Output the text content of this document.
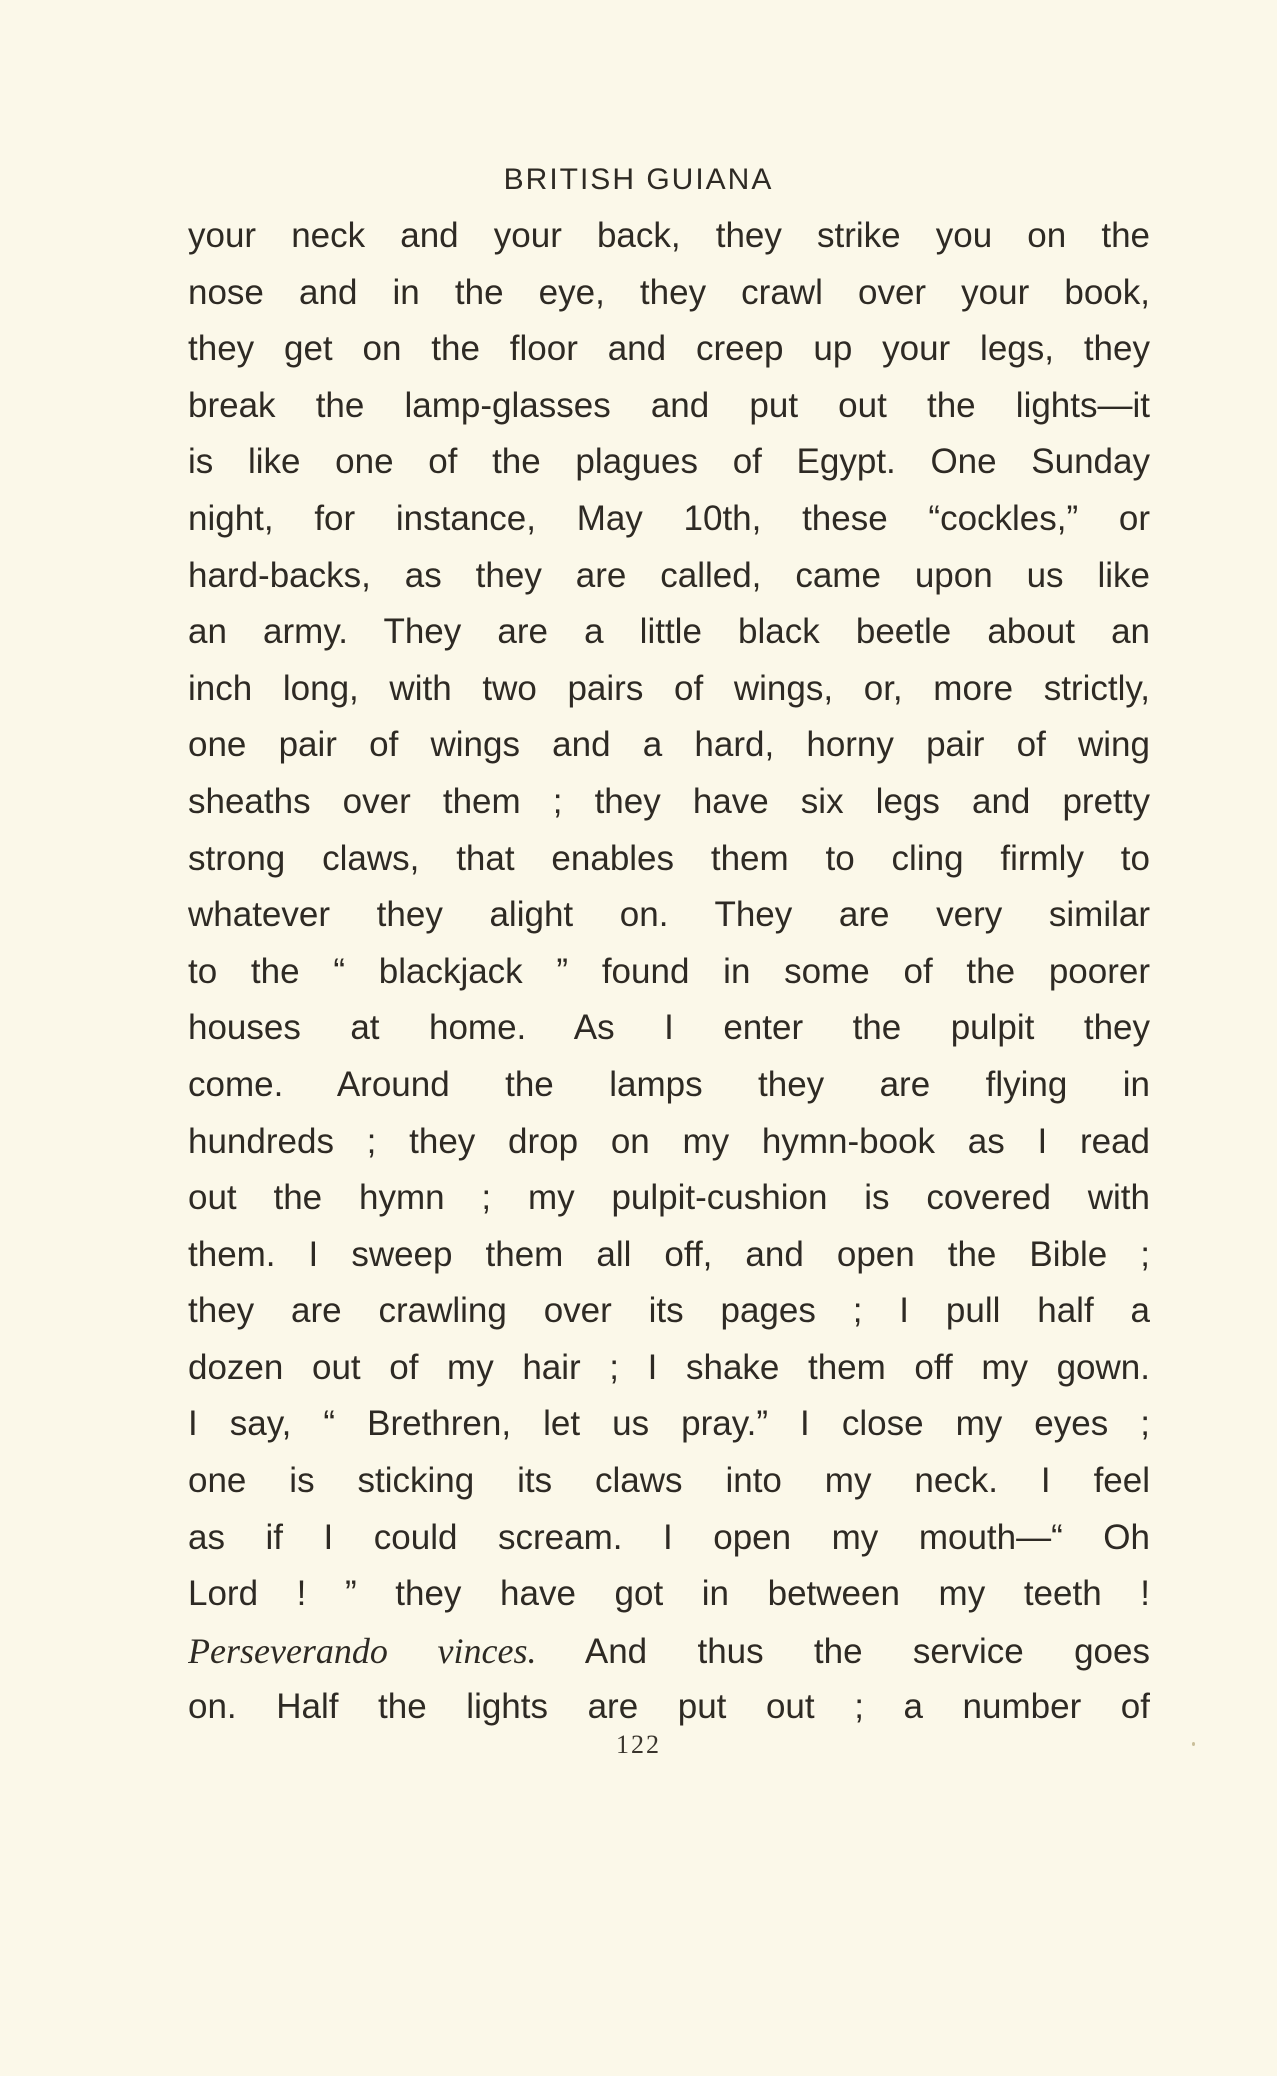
BRITISH GUIANA
your neck and your back, they strike you on the
nose and in the eye, they crawl over your book,
they get on the floor and creep up your legs, they
break the lamp-glasses and put out the lights—it
is like one of the plagues of Egypt. One Sunday
night, for instance, May 10th, these “cockles,” or
hard-backs, as they are called, came upon us like
an army. They are a little black beetle about an
inch long, with two pairs of wings, or, more strictly,
one pair of wings and a hard, horny pair of wing
sheaths over them ; they have six legs and pretty
strong claws, that enables them to cling firmly to
whatever they alight on. They are very similar
to the “ blackjack ” found in some of the poorer
houses at home. As I enter the pulpit they
come. Around the lamps they are flying in
hundreds ; they drop on my hymn-book as I read
out the hymn ; my pulpit-cushion is covered with
them. I sweep them all off, and open the Bible ;
they are crawling over its pages ; I pull half a
dozen out of my hair ; I shake them off my gown.
I say, “ Brethren, let us pray.” I close my eyes ;
one is sticking its claws into my neck. I feel
as if I could scream. I open my mouth—“ Oh
Lord ! ” they have got in between my teeth !
Perseverando vinces. And thus the service goes
on. Half the lights are put out ; a number of
122
